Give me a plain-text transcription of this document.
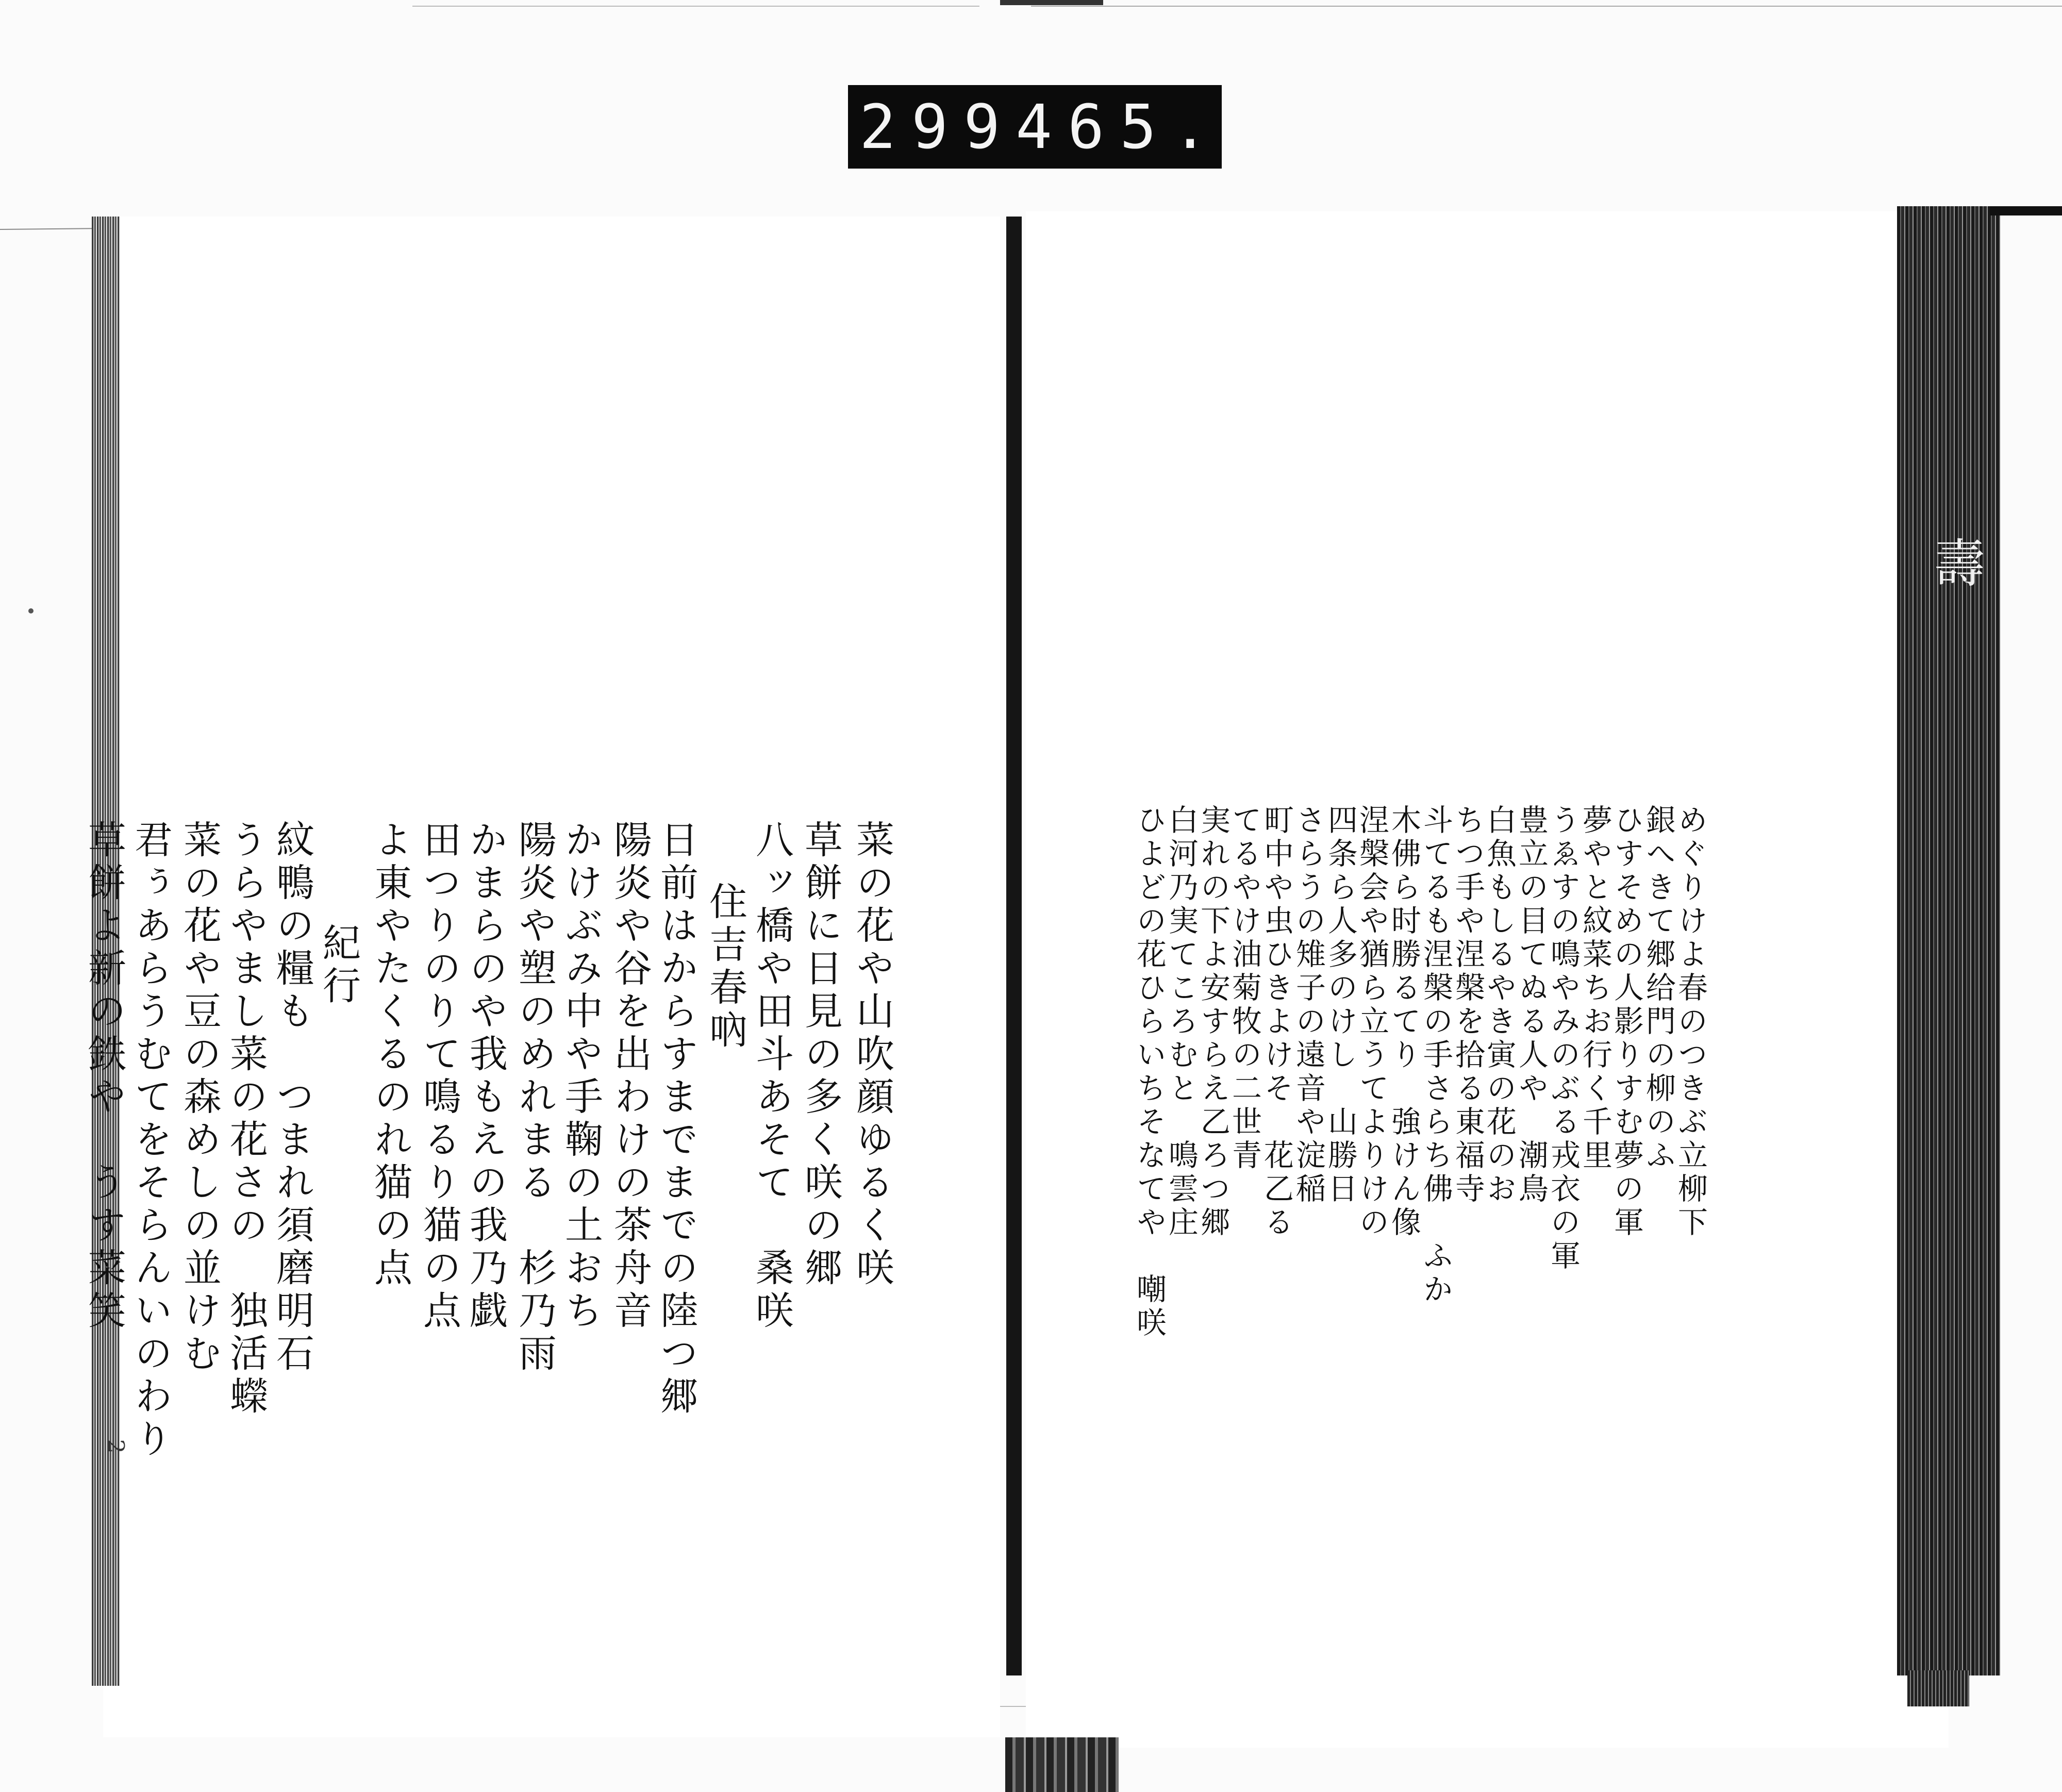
299 465.
壽
2
菜の花や山吹顔ゆるく咲
草餅に日見の多く咲の郷
八ッ橋や田斗あそて　桑咲
住吉春吶
日前はからすまでまでの陸つ郷
陽炎や谷を出わけの茶舟音
かけぶみ中や手鞠の土おち
陽炎や塑のめれまる　杉乃雨
かまらのや我もえの我乃戯
田つりのりて鳴るり猫の点
よ東やたくるのれ猫の点
紀行
紋鴨の糧も　つまれ須磨明石
うらやまし菜の花さの　独活蠑
菜の花や豆の森めしの並けむ
君ぅあらうむてをそらんいのわり
草餅よ新の鉄や　うす菜笑	めぐりけよ春のつきぶ立柳下
銀へきて郷给門の柳のふ
ひすそめの人影りすむ夢の軍
夢やと紋菜ちお行く千里
うゑすの鳴やみのぶる戎衣の軍
豊立の目てぬる人や　潮鳥
白魚もしるやき寅の花のお
ちつ手や涅槃を拾る東福寺
斗てるも涅槃の手さらち佛　ふか
木佛ら时勝るてり　強けん像
涅槃会や猶ら立うてよりけの
四条ら人多のけし　山勝日
さらうの雉子の遠音や淀稲
町中や虫ひきよけそ　花乙る
てるやけ油菊牧の二世青
実れの下よ安すらえ乙ろつ郷
白河乃実てころむと　鳴雲庄
ひよどの花ひらいちそなてや　嘲咲
